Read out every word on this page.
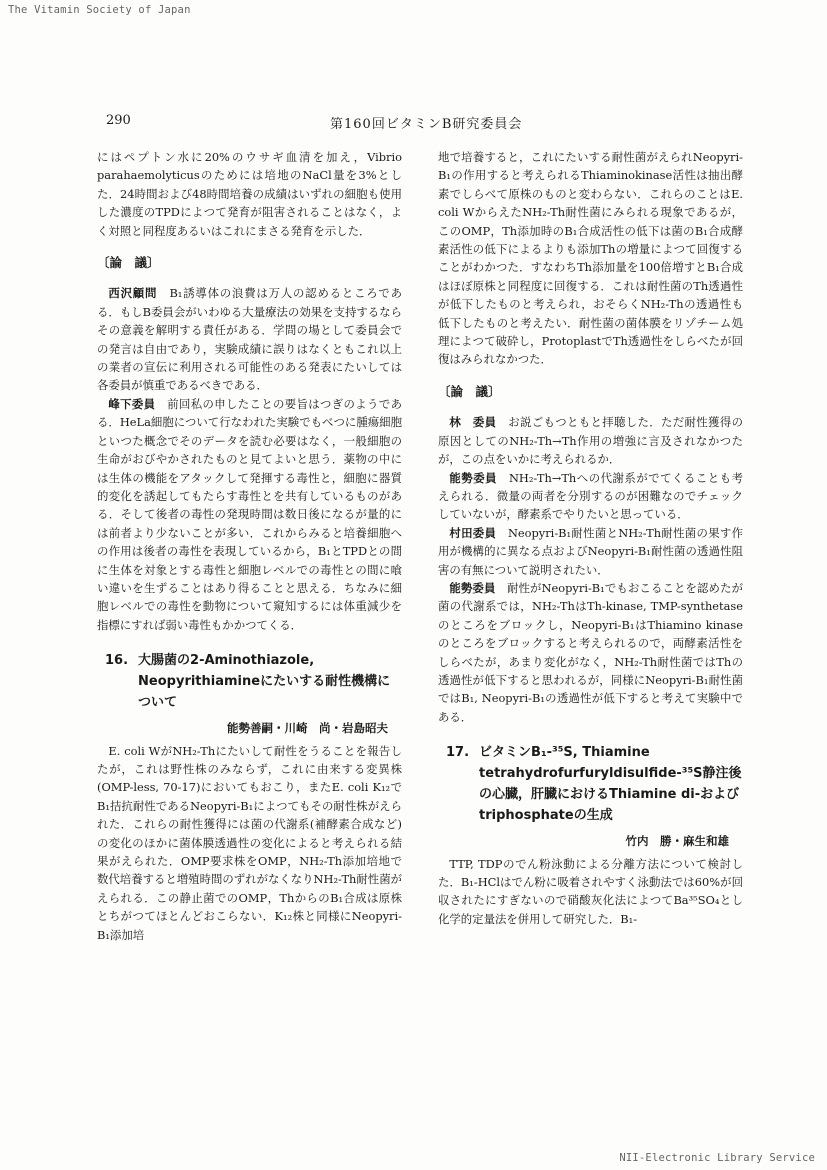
The Vitamin Society of Japan
290	第160回ビタミンB研究委員会

にはペプトン水に20%のウサギ血清を加え，Vibrio parahaemolyticusのためには培地のNaCl量を3%とした．24時間および48時間培養の成績はいずれの細胞も使用した濃度のTPDによつて発育が阻害されることはなく，よく対照と同程度あるいはこれにまさる発育を示した．

〔論　議〕

西沢顧問　 B₁誘導体の浪費は万人の認めるところである．もしB委員会がいわゆる大量療法の効果を支持するならその意義を解明する責任がある．学問の場として委員会での発言は自由であり，実験成績に誤りはなくともこれ以上の業者の宣伝に利用される可能性のある発表にたいしては各委員が慎重であるべきである．

峰下委員　 前回私の申したことの要旨はつぎのようである．HeLa細胞について行なわれた実験でもべつに腫瘍細胞といつた概念でそのデータを読む必要はなく，一般細胞の生命がおびやかされたものと見てよいと思う．薬物の中には生体の機能をアタックして発揮する毒性と，細胞に器質的変化を誘起してもたらす毒性とを共有しているものがある．そして後者の毒性の発現時間は数日後になるが量的には前者より少ないことが多い．これからみると培養細胞への作用は後者の毒性を表現しているから，B₁とTPDとの間に生体を対象とする毒性と細胞レベルでの毒性との間に喰い違いを生ずることはあり得ることと思える．ちなみに細胞レベルでの毒性を動物について窺知するには体重減少を指標にすれば弱い毒性もかかつてくる．

16. 大腸菌の2-Aminothiazole, Neopyrithiamineにたいする耐性機構について
能勢善嗣・川崎　尚・岩島昭夫

E. coli WがNH₂-Thにたいして耐性をうることを報告したが，これは野性株のみならず，これに由来する変異株(OMP-less, 70-17)においてもおこり，またE. coli K₁₂でB₁拮抗耐性であるNeopyri-B₁によつてもその耐性株がえられた．これらの耐性獲得には菌の代謝系(補酵素合成など)の変化のほかに菌体膜透過性の変化によると考えられる結果がえられた．OMP要求株をOMP，NH₂-Th添加培地で数代培養すると増殖時間のずれがなくなりNH₂-Th耐性菌がえられる．この静止菌でのOMP，ThからのB₁合成は原株とちがつてほとんどおこらない．K₁₂株と同様にNeopyri-B₁添加培

地で培養すると，これにたいする耐性菌がえられNeopyri-B₁の作用すると考えられるThiaminokinase活性は抽出酵素でしらべて原株のものと変わらない．これらのことはE. coli WからえたNH₂-Th耐性菌にみられる現象であるが，このOMP，Th添加時のB₁合成活性の低下は菌のB₁合成酵素活性の低下によるよりも添加Thの増量によつて回復することがわかつた．すなわちTh添加量を100倍増すとB₁合成はほぼ原株と同程度に回復する．これは耐性菌のTh透過性が低下したものと考えられ，おそらくNH₂-Thの透過性も低下したものと考えたい．耐性菌の菌体膜をリゾチーム処理によつて破砕し，ProtoplastでTh透過性をしらべたが回復はみられなかつた．

〔論　議〕

林　委員　 お説ごもつともと拝聴した．ただ耐性獲得の原因としてのNH₂-Th→Th作用の増強に言及されなかつたが，この点をいかに考えられるか．

能勢委員　 NH₂-Th→Thへの代謝系がでてくることも考えられる．微量の両者を分別するのが困難なのでチェックしていないが，酵素系でやりたいと思っている．

村田委員　 Neopyri-B₁耐性菌とNH₂-Th耐性菌の果す作用が機構的に異なる点およびNeopyri-B₁耐性菌の透過性阻害の有無について説明されたい．

能勢委員　 耐性がNeopyri-B₁でもおこることを認めたが菌の代謝系では，NH₂-ThはTh-kinase, TMP-synthetaseのところをブロックし，Neopyri-B₁はThiamino kinaseのところをブロックすると考えられるので，両酵素活性をしらべたが，あまり変化がなく，NH₂-Th耐性菌ではThの透過性が低下すると思われるが，同様にNeopyri-B₁耐性菌ではB₁, Neopyri-B₁の透過性が低下すると考えて実験中である．

17. ビタミンB₁-³⁵S, Thiamine tetrahydrofurfuryldisulfide-³⁵S静注後の心臓，肝臓におけるThiamine di-およびtriphosphateの生成
竹内　勝・麻生和雄

TTP, TDPのでん粉泳動による分離方法について検討した．B₁-HClはでん粉に吸着されやすく泳動法では60%が回収されたにすぎないので硝酸灰化法によつてBa³⁵SO₄とし化学的定量法を併用して研究した．B₁-

NII-Electronic Library Service
